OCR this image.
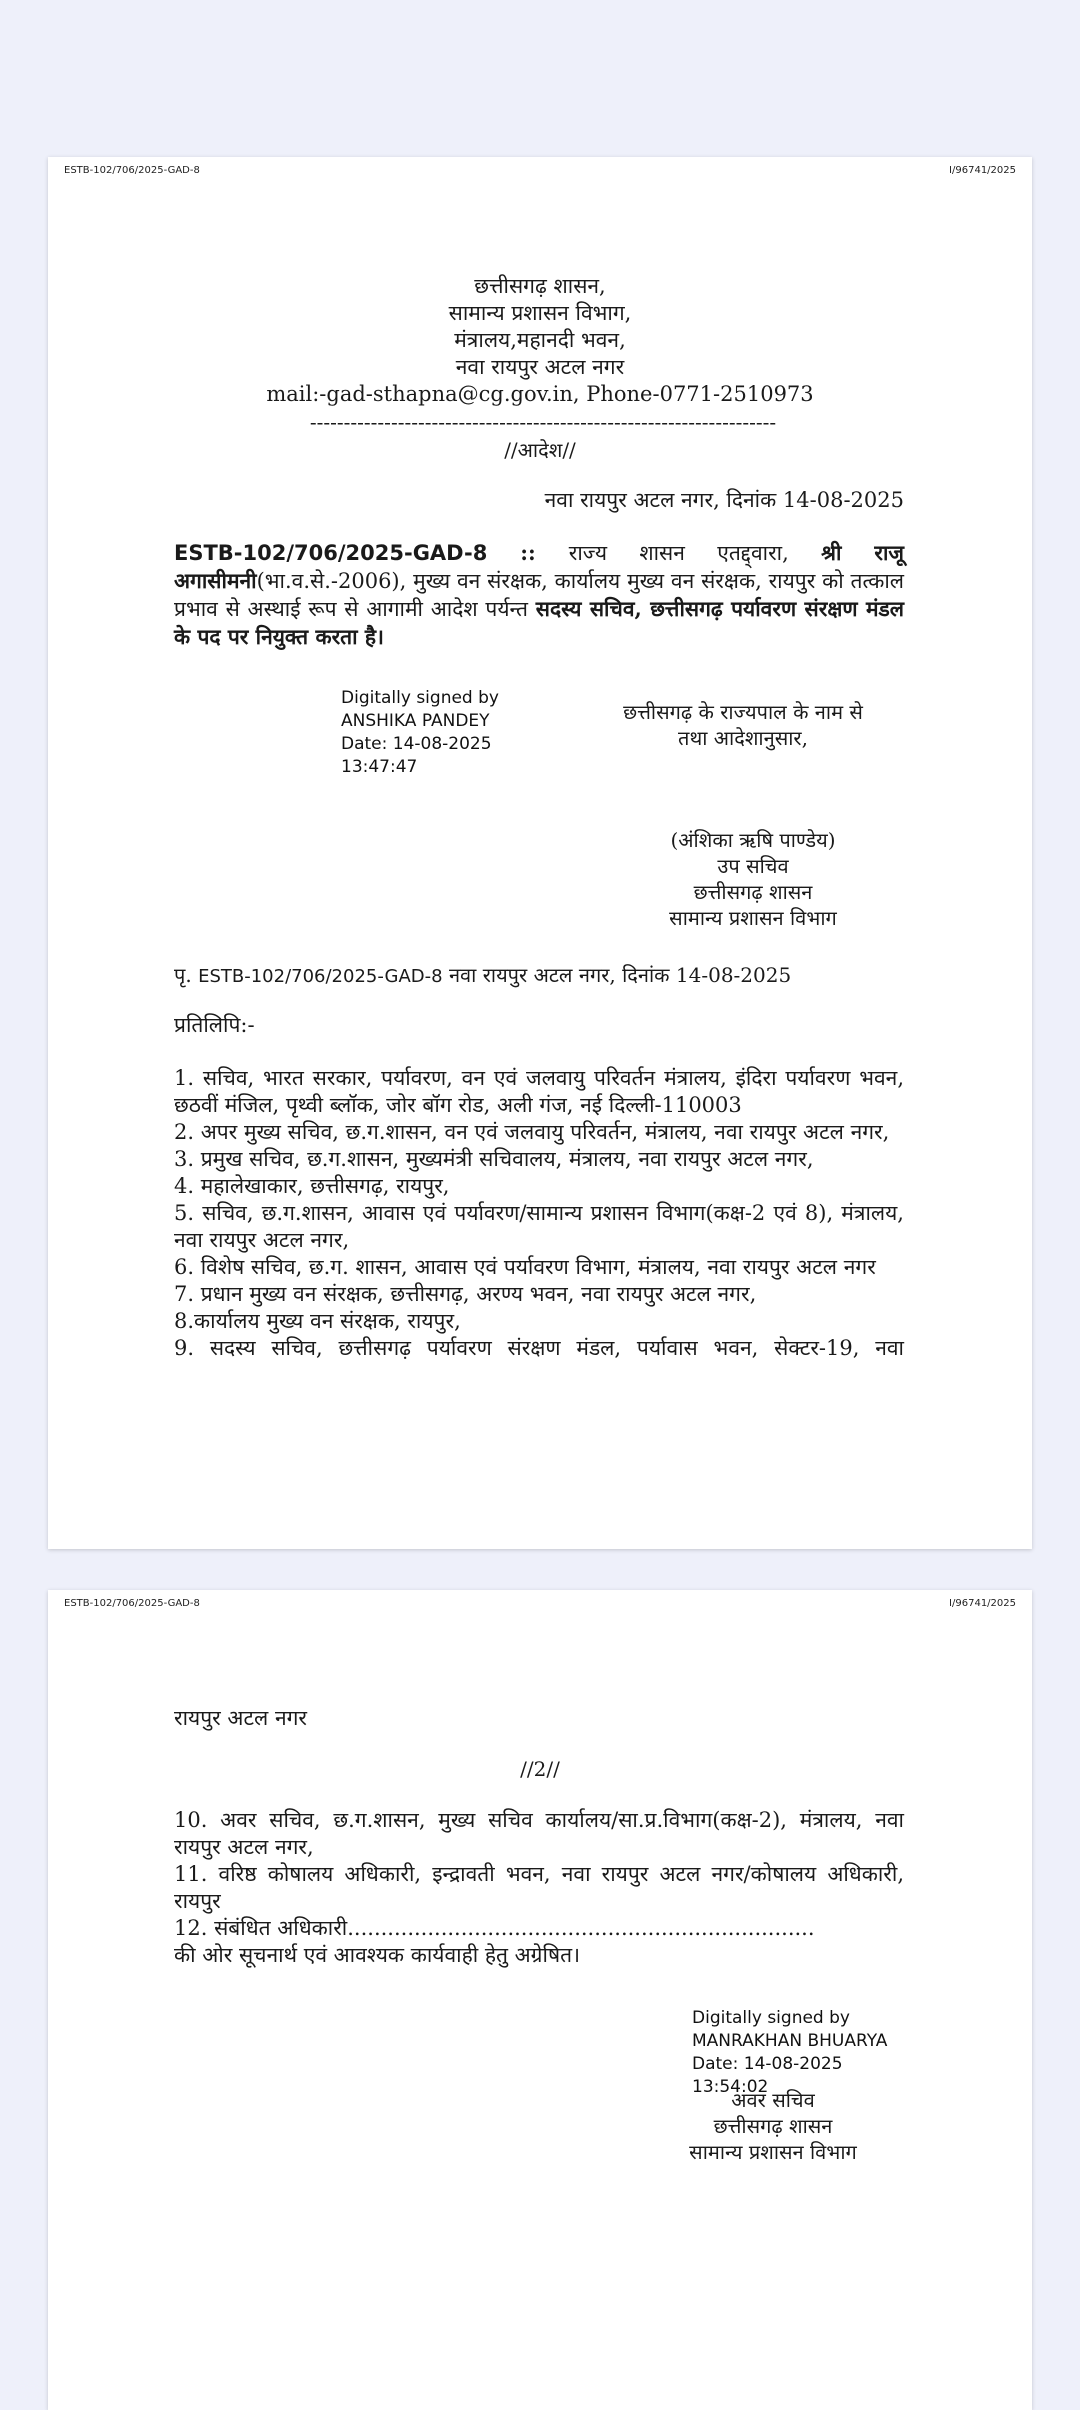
ESTB-102/706/2025-GAD-8	I/96741/2025

छत्तीसगढ़ शासन,

सामान्य प्रशासन विभाग,

मंत्रालय,महानदी भवन,

नवा रायपुर अटल नगर

mail:-gad-sthapna@cg.gov.in, Phone-0771-2510973

---------------------------------------------------------------------
//आदेश//
नवा रायपुर अटल नगर, दिनांक 14-08-2025
ESTB-102/706/2025-GAD-8 :: राज्य शासन एतद्द्वारा, श्री राजू अगासीमनी(भा.व.से.-2006), मुख्य वन संरक्षक, कार्यालय मुख्य वन संरक्षक, रायपुर को तत्काल प्रभाव से अस्थाई रूप से आगामी आदेश पर्यन्त सदस्य सचिव, छत्तीसगढ़ पर्यावरण संरक्षण मंडल के पद पर नियुक्त करता है।

Digitally signed by

ANSHIKA PANDEY

Date: 14-08-2025

13:47:47

छत्तीसगढ़ के राज्यपाल के नाम से

तथा आदेशानुसार,

(अंशिका ऋषि पाण्डेय)

उप सचिव

छत्तीसगढ़ शासन

सामान्य प्रशासन विभाग

पृ. ESTB-102/706/2025-GAD-8 नवा रायपुर अटल नगर, दिनांक 14-08-2025
प्रतिलिपि:-

1. सचिव, भारत सरकार, पर्यावरण, वन एवं जलवायु परिवर्तन मंत्रालय, इंदिरा पर्यावरण भवन, छठवीं मंजिल, पृथ्वी ब्लॉक, जोर बॉग रोड, अली गंज, नई दिल्ली-110003

2. अपर मुख्य सचिव, छ.ग.शासन, वन एवं जलवायु परिवर्तन, मंत्रालय, नवा रायपुर अटल नगर,

3. प्रमुख सचिव, छ.ग.शासन, मुख्यमंत्री सचिवालय, मंत्रालय, नवा रायपुर अटल नगर,

4. महालेखाकार, छत्तीसगढ़, रायपुर,

5. सचिव, छ.ग.शासन, आवास एवं पर्यावरण/सामान्य प्रशासन विभाग(कक्ष-2 एवं 8), मंत्रालय, नवा रायपुर अटल नगर,

6. विशेष सचिव, छ.ग. शासन, आवास एवं पर्यावरण विभाग, मंत्रालय, नवा रायपुर अटल नगर

7. प्रधान मुख्य वन संरक्षक, छत्तीसगढ़, अरण्य भवन, नवा रायपुर अटल नगर,

8.कार्यालय मुख्य वन संरक्षक, रायपुर,

9. सदस्य सचिव, छत्तीसगढ़ पर्यावरण संरक्षण मंडल, पर्यावास भवन, सेक्टर-19, नवा

ESTB-102/706/2025-GAD-8	I/96741/2025
रायपुर अटल नगर
//2//

10. अवर सचिव, छ.ग.शासन, मुख्य सचिव कार्यालय/सा.प्र.विभाग(कक्ष-2), मंत्रालय, नवा रायपुर अटल नगर,

11. वरिष्ठ कोषालय अधिकारी, इन्द्रावती भवन, नवा रायपुर अटल नगर/कोषालय अधिकारी, रायपुर

12. संबंधित अधिकारी......................................................................

की ओर सूचनार्थ एवं आवश्यक कार्यवाही हेतु अग्रेषित।

Digitally signed by

MANRAKHAN BHUARYA

Date: 14-08-2025

13:54:02

अवर सचिव

छत्तीसगढ़ शासन

सामान्य प्रशासन विभाग
